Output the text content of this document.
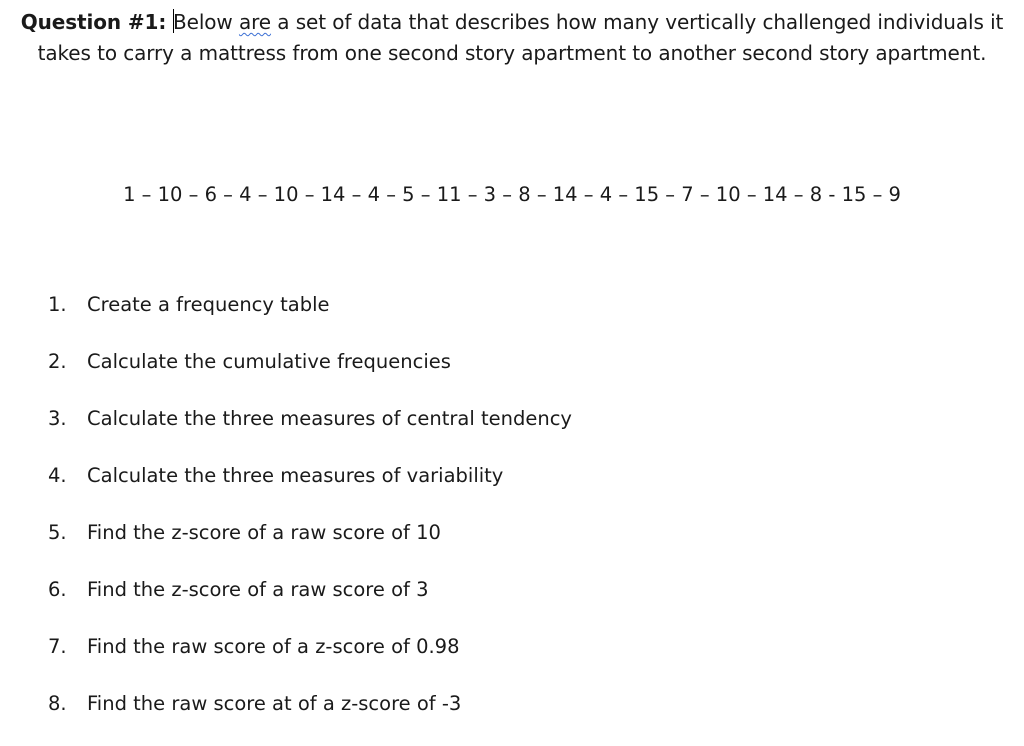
Question #1: Below are a set of data that describes how many vertically challenged individuals it takes to carry a mattress from one second story apartment to another second story apartment.
1 – 10 – 6 – 4 – 10 – 14 – 4 – 5 – 11 – 3 – 8 – 14 – 4 – 15 – 7 – 10 – 14 – 8 - 15 – 9
1. Create a frequency table
2. Calculate the cumulative frequencies
3. Calculate the three measures of central tendency
4. Calculate the three measures of variability
5. Find the z-score of a raw score of 10
6. Find the z-score of a raw score of 3
7. Find the raw score of a z-score of 0.98
8. Find the raw score at of a z-score of -3
